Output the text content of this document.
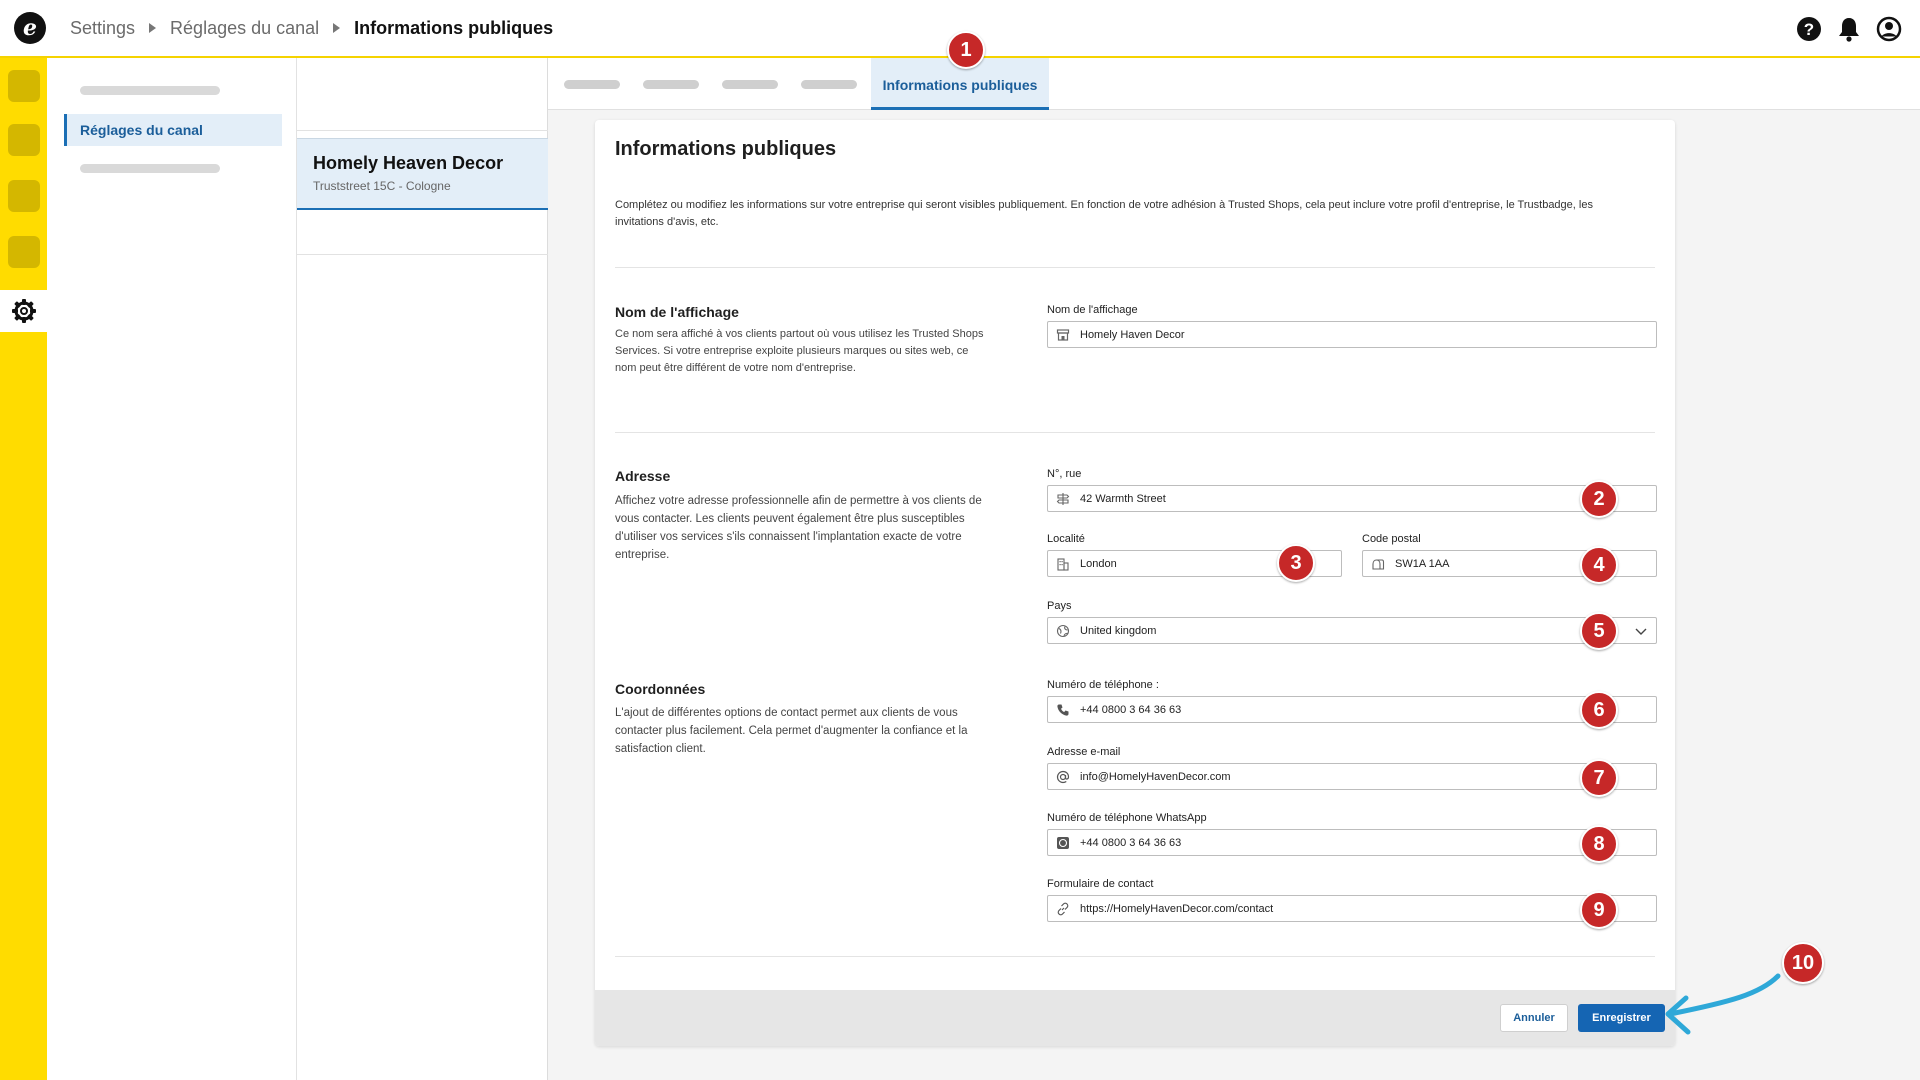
e Settings Réglages du canal Informations publiques	?
Réglages du canal
Homely Heaven Decor
Truststreet 15C - Cologne
Informations publiques
Informations publiques
Complétez ou modifiez les informations sur votre entreprise qui seront visibles publiquement. En fonction de votre adhésion à Trusted Shops, cela peut inclure votre profil d'entreprise, le Trustbadge, les invitations d'avis, etc.
Nom de l'affichage
Ce nom sera affiché à vos clients partout où vous utilisez les Trusted Shops Services. Si votre entreprise exploite plusieurs marques ou sites web, ce nom peut être différent de votre nom d'entreprise.
Nom de l'affichage
Homely Haven Decor
Adresse
Affichez votre adresse professionnelle afin de permettre à vos clients de vous contacter. Les clients peuvent également être plus susceptibles d'utiliser vos services s'ils connaissent l'implantation exacte de votre entreprise.
N°, rue
42 Warmth Street
Localité
London
Code postal
SW1A 1AA
Pays
United kingdom
Coordonnées
L'ajout de différentes options de contact permet aux clients de vous contacter plus facilement. Cela permet d'augmenter la confiance et la satisfaction client.
Numéro de téléphone :
+44 0800 3 64 36 63
Adresse e-mail
info@HomelyHavenDecor.com
Numéro de téléphone WhatsApp
+44 0800 3 64 36 63
Formulaire de contact
https://HomelyHavenDecor.com/contact
Annuler	Enregistrer
1
2
3	4
5
6
7
8
9
10
